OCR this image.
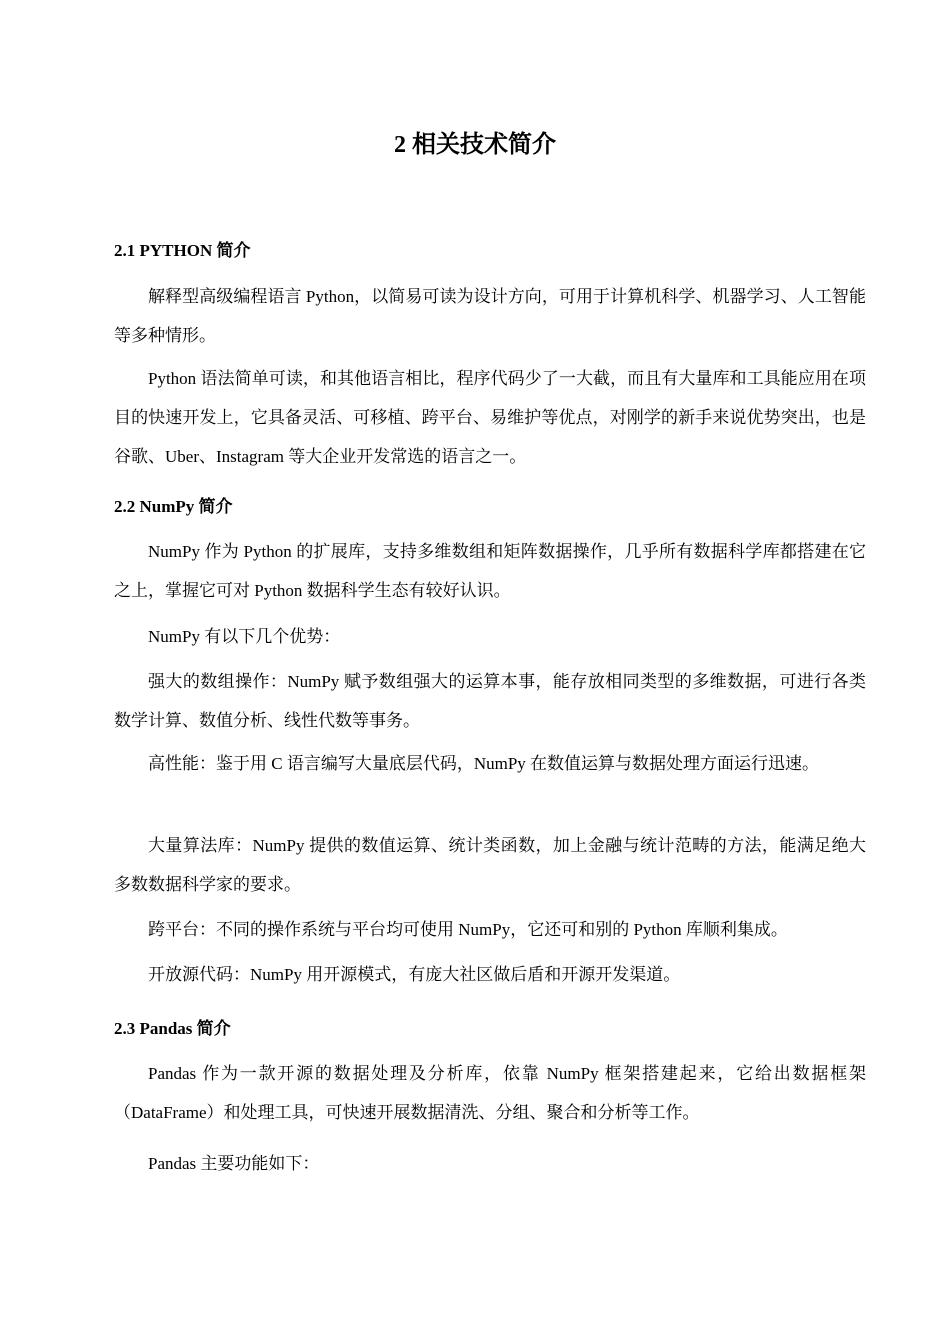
2 相关技术简介
2.1 PYTHON 简介
解释型高级编程语言 Python，以简易可读为设计方向，可用于计算机科学、机器学习、人工智能等多种情形。
Python 语法简单可读，和其他语言相比，程序代码少了一大截，而且有大量库和工具能应用在项目的快速开发上，它具备灵活、可移植、跨平台、易维护等优点，对刚学的新手来说优势突出，也是谷歌、Uber、Instagram 等大企业开发常选的语言之一。
2.2 NumPy 简介
NumPy 作为 Python 的扩展库，支持多维数组和矩阵数据操作，几乎所有数据科学库都搭建在它之上，掌握它可对 Python 数据科学生态有较好认识。
NumPy 有以下几个优势：
强大的数组操作：NumPy 赋予数组强大的运算本事，能存放相同类型的多维数据，可进行各类数学计算、数值分析、线性代数等事务。
高性能：鉴于用 C 语言编写大量底层代码，NumPy 在数值运算与数据处理方面运行迅速。
大量算法库：NumPy 提供的数值运算、统计类函数，加上金融与统计范畴的方法，能满足绝大多数数据科学家的要求。
跨平台：不同的操作系统与平台均可使用 NumPy，它还可和别的 Python 库顺利集成。
开放源代码：NumPy 用开源模式，有庞大社区做后盾和开源开发渠道。
2.3 Pandas 简介
Pandas 作为一款开源的数据处理及分析库，依靠 NumPy 框架搭建起来，它给出数据框架（DataFrame）和处理工具，可快速开展数据清洗、分组、聚合和分析等工作。
Pandas 主要功能如下：
